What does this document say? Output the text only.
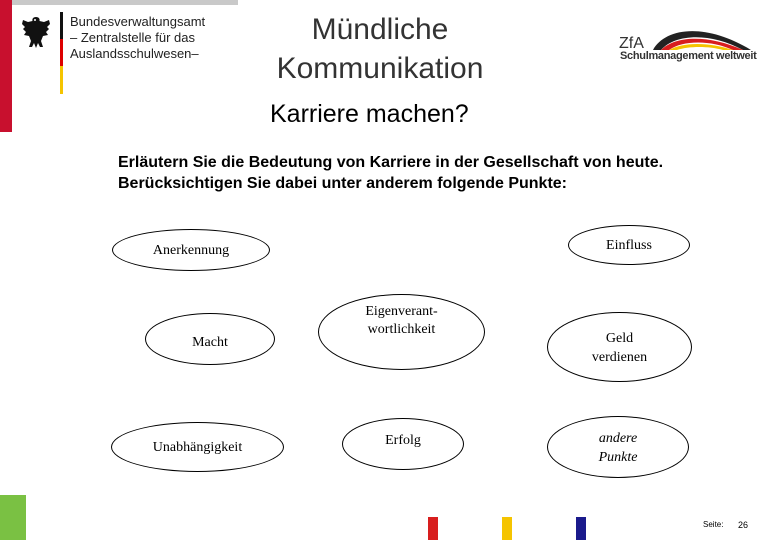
Bundesverwaltungsamt
– Zentralstelle für das
Auslandsschulwesen–
Mündliche
Kommunikation
ZfA
Schulmanagement weltweit
Karriere machen?
Erläutern Sie die Bedeutung von Karriere in der Gesellschaft von heute.
Berücksichtigen Sie dabei unter anderem folgende Punkte:
Anerkennung	Einfluss
Macht
Eigenverant-
wortlichkeit
Geld
verdienen
Unabhängigkeit	Erfolg	andere
Punkte
Seite: 26
